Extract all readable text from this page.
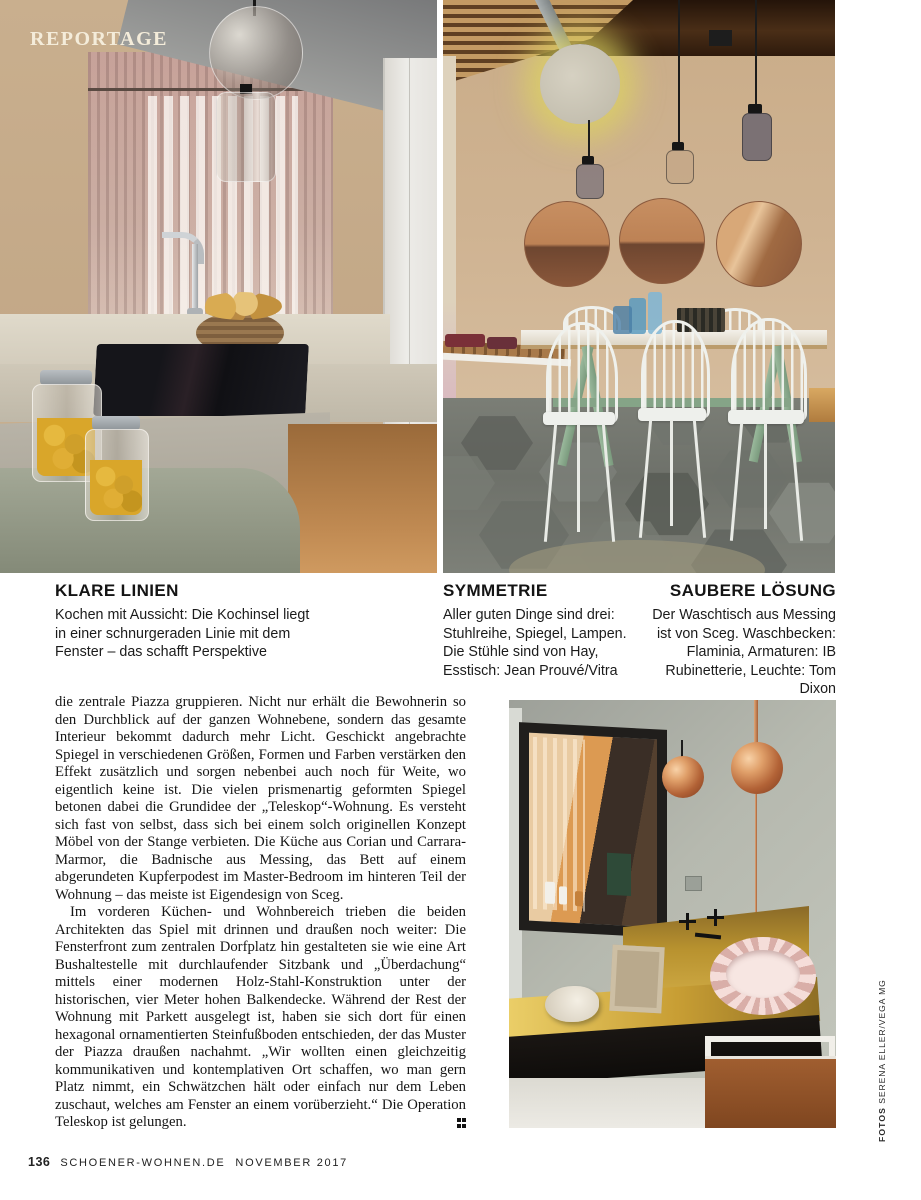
REPORTAGE
KLARE LINIEN

Kochen mit Aussicht: Die Kochinsel liegt in einer schnurgeraden Linie mit dem Fenster – das schafft Perspektive

SYMMETRIE

Aller guten Dinge sind drei: Stuhlreihe, Spiegel, Lampen. Die Stühle sind von Hay, Esstisch: Jean Prouvé/Vitra

SAUBERE LÖSUNG

Der Waschtisch aus Messing ist von Sceg. Waschbecken: Flaminia, Armaturen: IB Rubinetterie, Leuchte: Tom Dixon

die zentrale Piazza gruppieren. Nicht nur erhält die Bewohnerin so den Durchblick auf der ganzen Wohnebene, sondern das gesamte Interieur bekommt dadurch mehr Licht. Geschickt angebrachte Spiegel in verschiedenen Größen, Formen und Farben verstärken den Effekt zusätzlich und sorgen nebenbei auch noch für Weite, wo eigentlich keine ist. Die vielen prismenartig geformten Spiegel betonen dabei die Grundidee der „Teleskop“-Wohnung. Es versteht sich fast von selbst, dass sich bei einem solch originellen Konzept Möbel von der Stange verbieten. Die Küche aus Corian und Carrara-Marmor, die Badnische aus Messing, das Bett auf einem abgerundeten Kupferpodest im Master-Bedroom im hinteren Teil der Wohnung – das meiste ist Eigendesign von Sceg.

Im vorderen Küchen- und Wohnbereich trieben die beiden Architekten das Spiel mit drinnen und draußen noch weiter: Die Fensterfront zum zentralen Dorfplatz hin gestalteten sie wie eine Art Bushaltestelle mit durchlaufender Sitzbank und „Überdachung“ mittels einer modernen Holz-Stahl-Konstruktion unter der historischen, vier Meter hohen Balkendecke. Während der Rest der Wohnung mit Parkett ausgelegt ist, haben sie sich dort für einen hexagonal ornamentierten Steinfußboden entschieden, der das Muster der Piazza draußen nachahmt. „Wir wollten einen gleichzeitig kommunikativen und kontemplativen Ort schaffen, wo man gern Platz nimmt, ein Schwätzchen hält oder einfach nur dem Leben zuschaut, welches am Fenster an einem vorüberzieht.“ Die Operation Teleskop ist gelungen.	FOTOS SERENA ELLER/VEGA MG
136 SCHOENER-WOHNEN.DE NOVEMBER 2017
